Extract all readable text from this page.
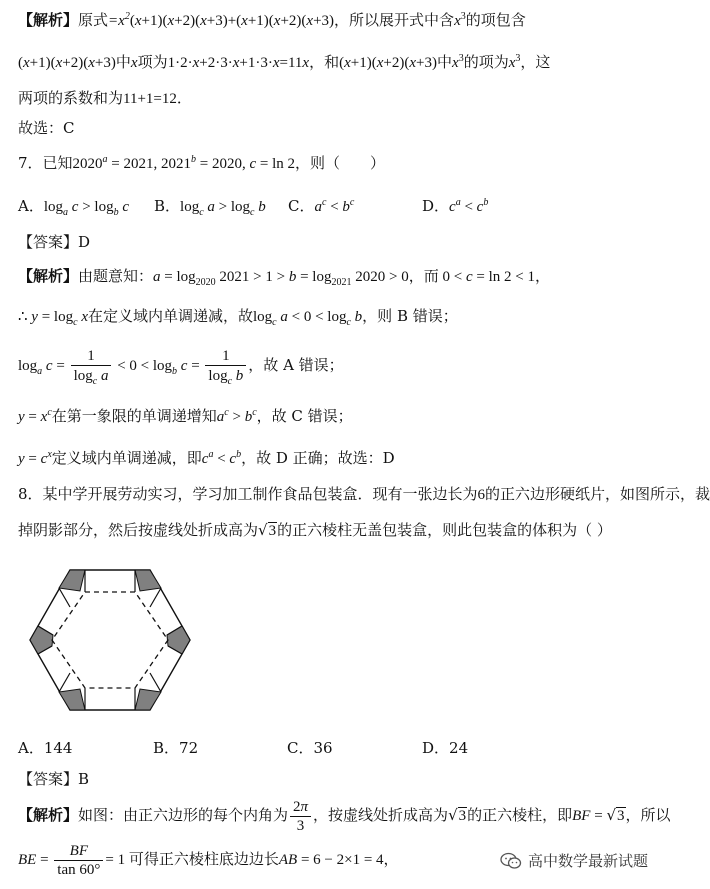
【解析】原式$=x^2(x+1)(x+2)(x+3)+(x+1)(x+2)(x+3)$，所以展开式中含$x^3$的项包含
(x+1)(x+2)(x+3)中x项为1·2·x+2·3·x+1·3·x=11x，和(x+1)(x+2)(x+3)中$x^3$的项为$x^3$，这
两项的系数和为11+1=12．
故选：C
7．已知$2020^a = 2021$, $2021^b = 2020$, c = ln 2，则（　　）
A．$\log_a c > \log_b c$ B．$\log_c a > \log_c b$ C．$a^c < b^c$	D．$c^a < c^b$
【答案】D
【解析】由题意知：$a = \log_{2020} 2021 > 1 > b = \log_{2021} 2020 > 0$，而 0 < c = ln 2 < 1，
∴ $y = \log_c x$在定义域内单调递减，故$\log_c a < 0 < \log_c b$，则 B 错误；
$\log_a c = \frac{1}{\log_c a} < 0 < \log_b c = \frac{1}{\log_c b}$ ，故 A 错误；
$y = x^c$在第一象限的单调递增知$a^c > b^c$，故 C 错误；
$y = c^x$定义域内单调递减，即$c^a < c^b$，故 D 正确；故选：D
8．某中学开展劳动实习，学习加工制作食品包装盒．现有一张边长为6的正六边形硬纸片，如图所示，裁
掉阴影部分，然后按虚线处折成高为√3的正六棱柱无盖包装盒，则此包装盒的体积为（ ）
A．144	B．72	C．36	D．24
【答案】B
【解析】如图：由正六边形的每个内角为 $\frac{2\pi}{3}$ ，按虚线处折成高为√3的正六棱柱，即BF = √3，所以
BE = $\frac{BF}{\tan 60^\circ} = 1$ 可得正六棱柱底边边长AB = 6 − 2×1 = 4，	高中数学最新试题
